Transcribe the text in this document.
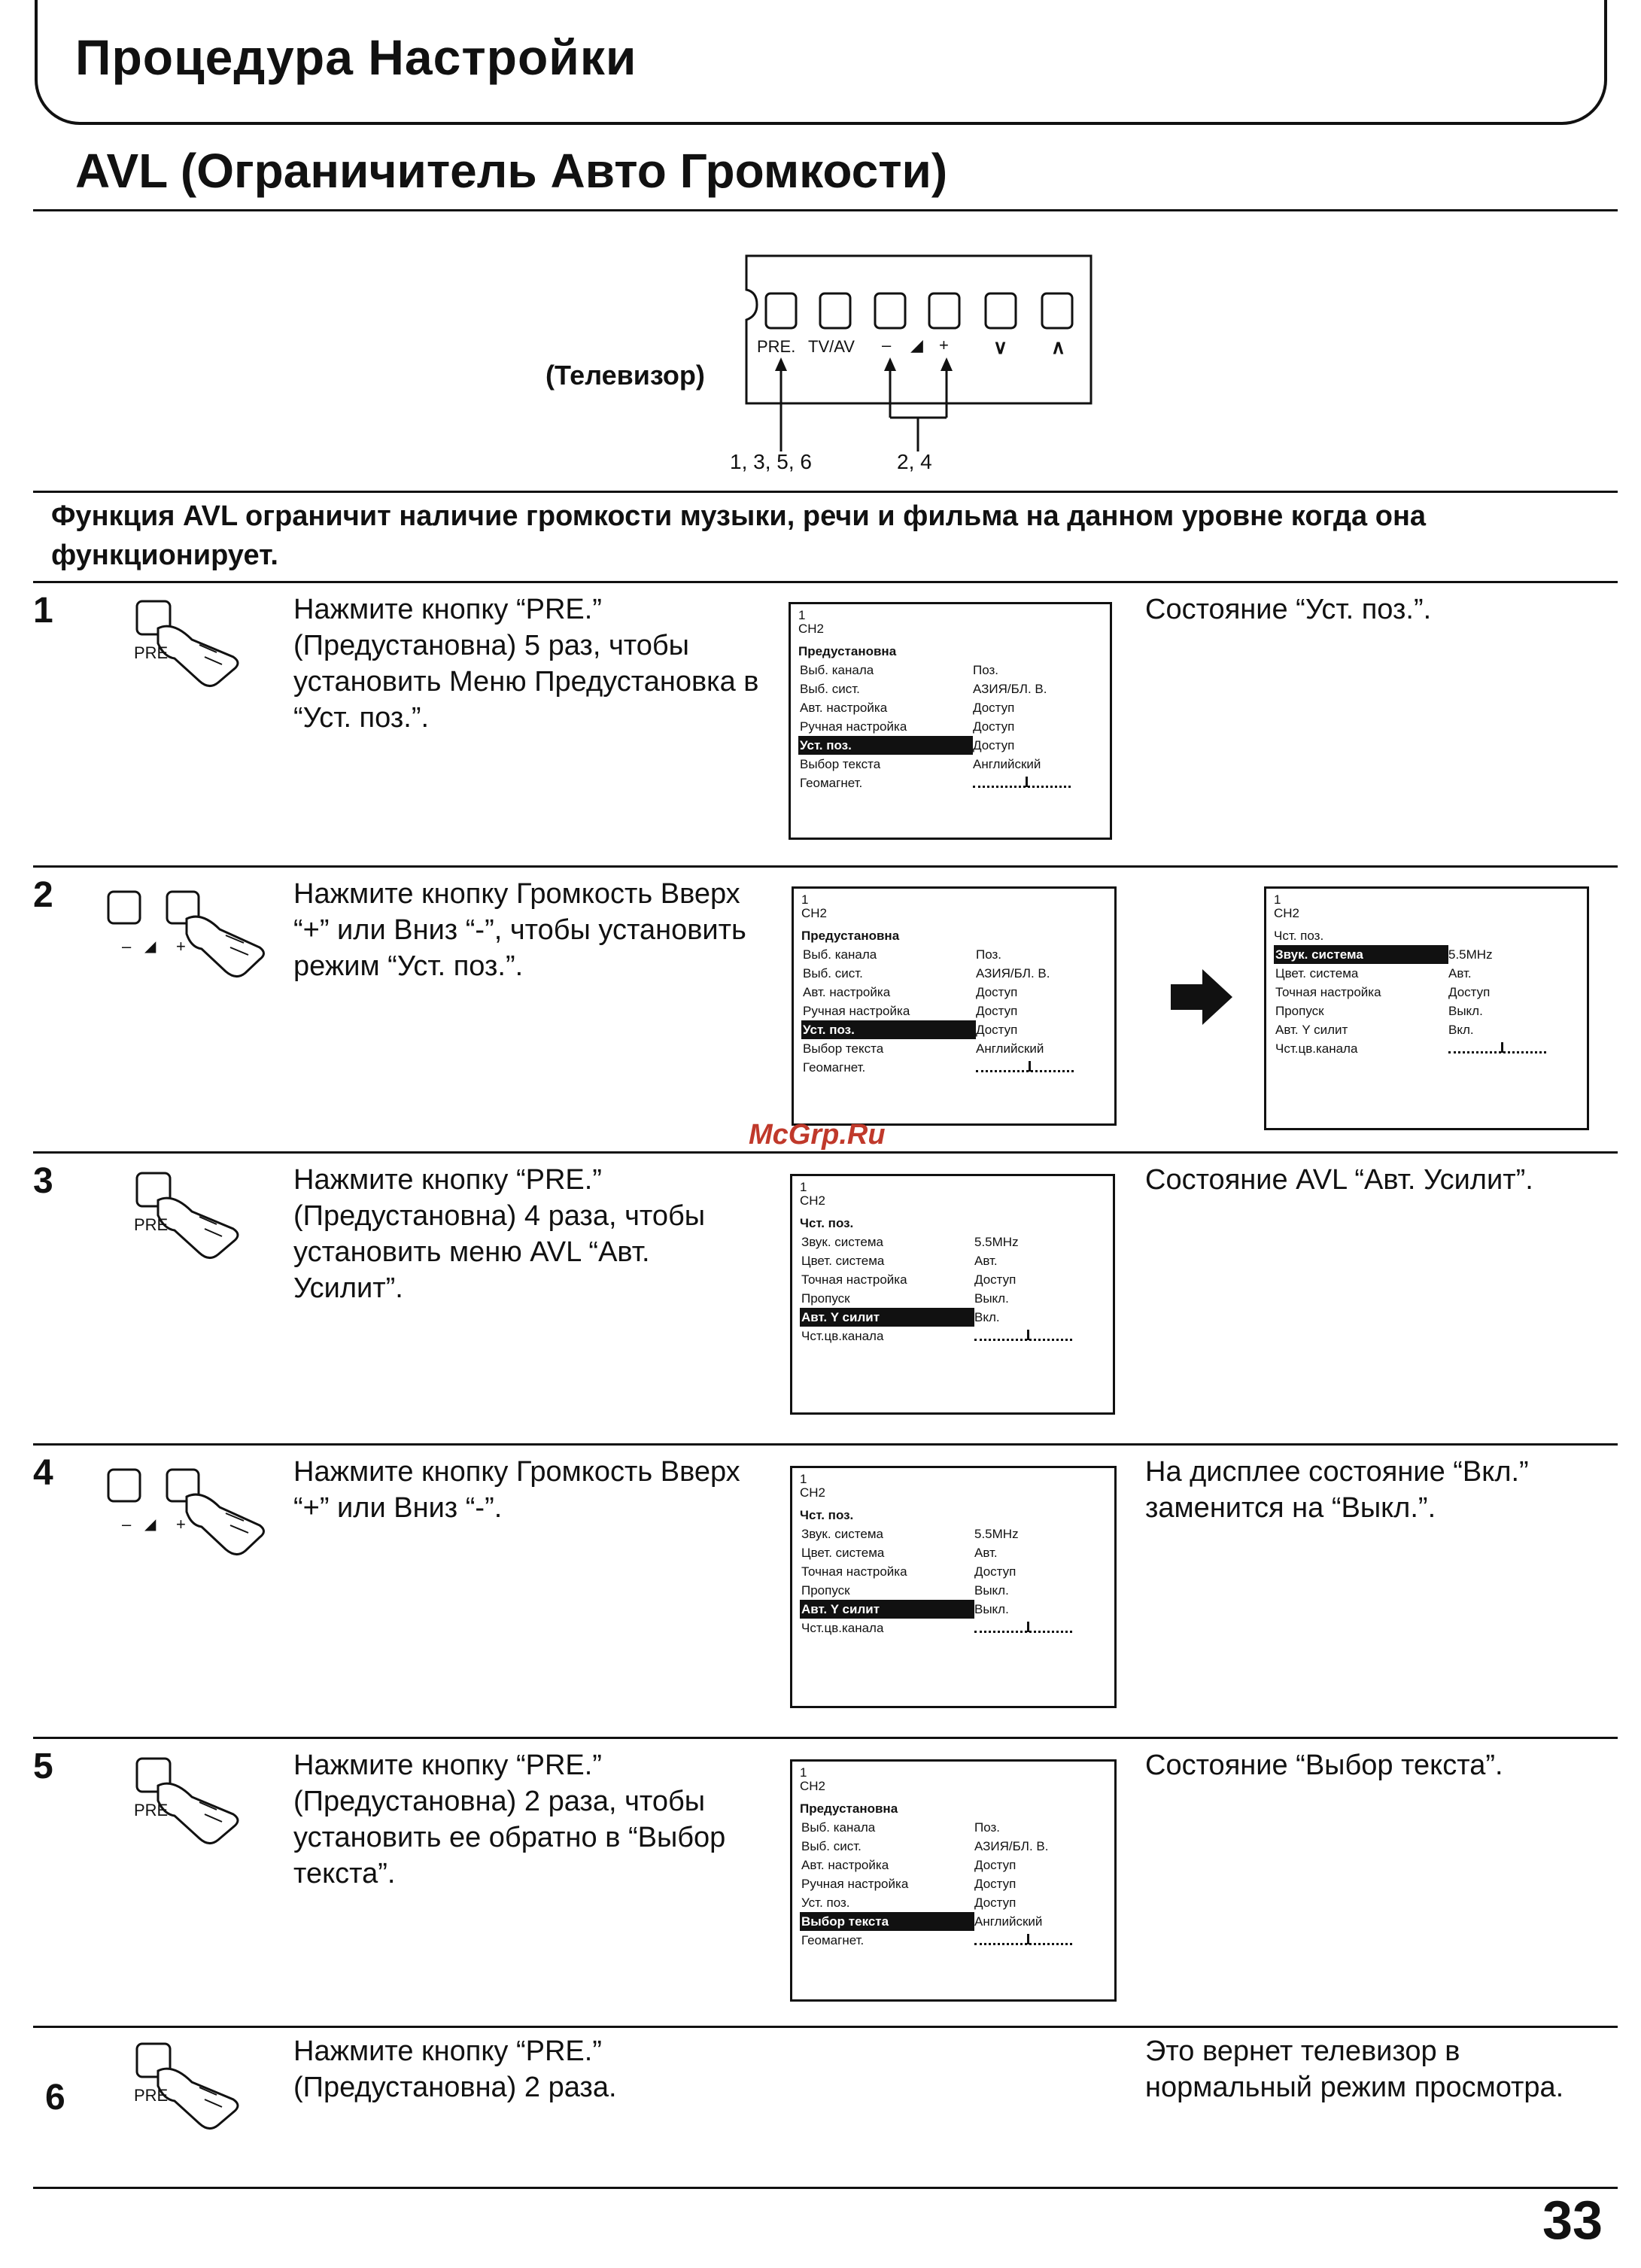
Процедура Настройки
AVL (Ограничитель Авто Громкости)
(Телевизор)
PRE. TV/AV – ◢ + ∨ ∧
1, 3, 5, 6	2, 4
Функция AVL ограничит наличие громкости музыки, речи и фильма на данном уровне когда она функционирует.
1
PRE
Нажмите кнопку “PRE.” (Предустановна) 5 раз, чтобы установить Меню Предустановка в “Уст. поз.”.
1
CH2
Предустановна
Выб. канала	Поз.
Выб. сист.	АЗИЯ/БЛ. В.
Авт. настройка	Доступ
Ручная настройка	Доступ
Уст. поз.	Доступ
Выбор текста	Английский
Геомагнет.
Состояние “Уст. поз.”.
2
– ◢ +
Нажмите кнопку Громкость Вверх “+” или Вниз “-”, чтобы установить режим “Уст. поз.”.
1
CH2
Предустановна
Выб. канала	Поз.
Выб. сист.	АЗИЯ/БЛ. В.
Авт. настройка	Доступ
Ручная настройка	Доступ
Уст. поз.	Доступ
Выбор текста	Английский
Геомагнет.
1
CH2
Чст. поз.
Звук. система	5.5MHz
Цвет. система	Авт.
Точная настройка	Доступ
Пропуск	Выкл.
Авт. Y силит	Вкл.
Чст.цв.канала
McGrp.Ru
3
PRE
Нажмите кнопку “PRE.” (Предустановна) 4 раза, чтобы установить меню AVL “Авт. Усилит”.
1
CH2
Чст. поз.
Звук. система	5.5MHz
Цвет. система	Авт.
Точная настройка	Доступ
Пропуск	Выкл.
Авт. Y силит	Вкл.
Чст.цв.канала
Состояние AVL “Авт. Усилит”.
4
– ◢ +
Нажмите кнопку Громкость Вверх “+” или Вниз “-”.
1
CH2
Чст. поз.
Звук. система	5.5MHz
Цвет. система	Авт.
Точная настройка	Доступ
Пропуск	Выкл.
Авт. Y силит	Выкл.
Чст.цв.канала
На дисплее состояние “Вкл.” заменится на “Выкл.”.
5
PRE
Нажмите кнопку “PRE.” (Предустановна) 2 раза, чтобы установить ее обратно в “Выбор текста”.
1
CH2
Предустановна
Выб. канала	Поз.
Выб. сист.	АЗИЯ/БЛ. В.
Авт. настройка	Доступ
Ручная настройка	Доступ
Уст. поз.	Доступ
Выбор текста	Английский
Геомагнет.
Состояние “Выбор текста”.
6	PRE
Нажмите кнопку “PRE.” (Предустановна) 2 раза.
Это вернет телевизор в нормальный режим просмотра.
33
